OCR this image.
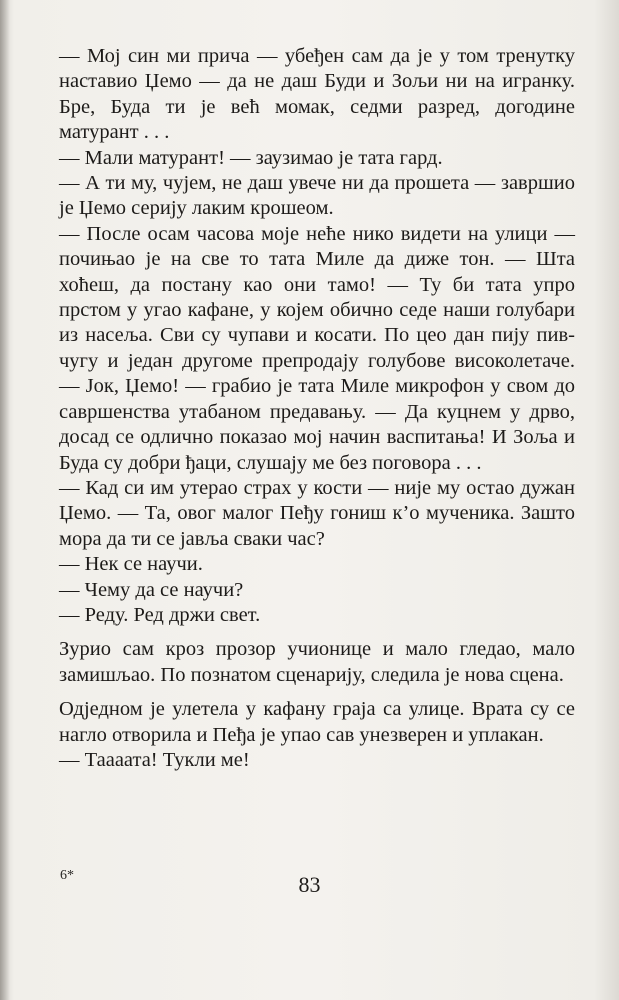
— Мој син ми прича — убеђен сам да је у том тренутку наставио Џемо — да не даш Буди и Зољи ни на игранку. Бре, Буда ти је већ момак, седми разред, догодине матурант . . .

— Мали матурант! — заузимао је тата гард.

— А ти му, чујем, не даш увече ни да прошета — завршио је Џемо серију лаким крошеом.

— После осам часова моје неће нико видети на улици — почињао је на све то тата Миле да диже тон. — Шта хоћеш, да постану као они тамо! — Ту би тата упро прстом у угао кафане, у којем обично седе наши голубари из насеља. Сви су чупави и косати. По цео дан пију пивчугу и један другоме препродају голубове високолетаче. — Јок, Џемо! — грабио је тата Миле микрофон у свом до савршенства утабаном предавању. — Да куцнем у дрво, досад се одлично показао мој начин васпитања! И Зоља и Буда су добри ђаци, слушају ме без поговора . . .

— Кад си им утерао страх у кости — није му остао дужан Џемо. — Та, овог малог Пеђу гониш к’о мученика. Зашто мора да ти се јавља сваки час?

— Нек се научи.

— Чему да се научи?

— Реду. Ред држи свет.

Зурио сам кроз прозор учионице и мало гледао, мало замишљао. По познатом сценарију, следила је нова сцена.

Одједном је улетела у кафану граја са улице. Врата су се нагло отворила и Пеђа је упао сав унезверен и уплакан.

— Таааата! Тукли ме!

6*	83
